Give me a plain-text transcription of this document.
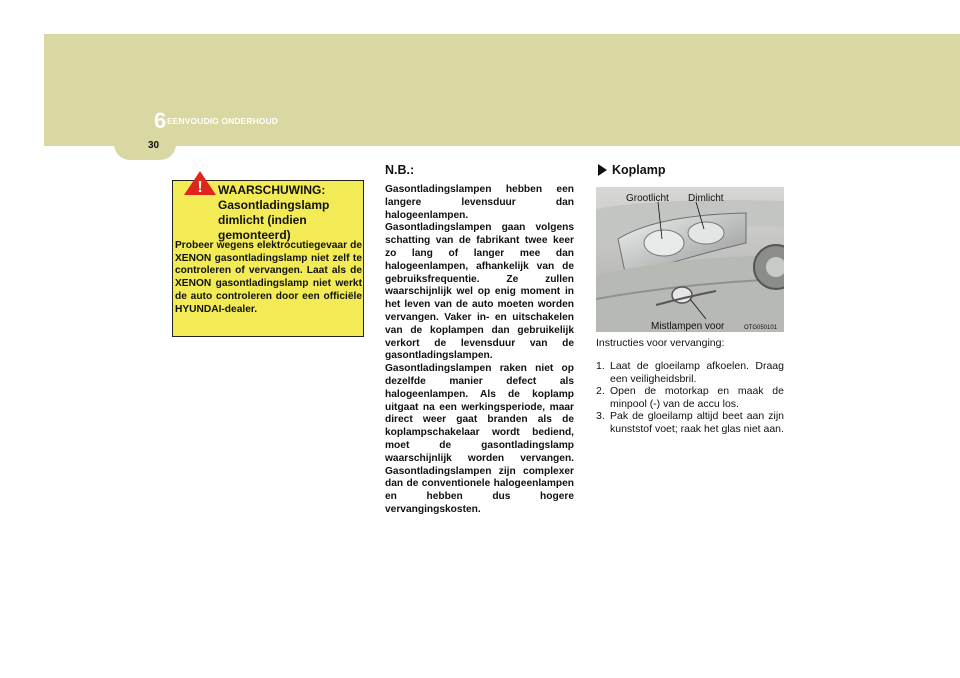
6 EENVOUDIG ONDERHOUD
30
! WAARSCHUWING: Gasontladingslamp dimlicht (indien gemonteerd)
Probeer wegens elektrocutiegevaar de XENON gasontladingslamp niet zelf te controleren of vervangen. Laat als de XENON gasontladingslamp niet werkt de auto controleren door een officiële HYUNDAI-dealer.
N.B.:

Gasontladingslampen hebben een langere levensduur dan halogeenlampen. Gasontladingslampen gaan volgens schatting van de fabrikant twee keer zo lang of langer mee dan halogeenlampen, afhankelijk van de gebruiksfrequentie. Ze zullen waarschijnlijk wel op enig moment in het leven van de auto moeten worden vervangen. Vaker in- en uitschakelen van de koplampen dan gebruikelijk verkort de levensduur van de gasontladingslampen. Gasontladingslampen raken niet op dezelfde manier defect als halogeenlampen. Als de koplamp uitgaat na een werkingsperiode, maar direct weer gaat branden als de koplampschakelaar wordt bediend, moet de gasontladingslamp waarschijnlijk worden vervangen. Gasontladingslampen zijn complexer dan de conventionele halogeenlampen en hebben dus hogere vervangingskosten.

Koplamp
Grootlicht Dimlicht
Mistlampen voor	OTG050101
Instructies voor vervanging:
1. Laat de gloeilamp afkoelen. Draag een veiligheidsbril.
2. Open de motorkap en maak de minpool (-) van de accu los.
3. Pak de gloeilamp altijd beet aan zijn kunststof voet; raak het glas niet aan.
